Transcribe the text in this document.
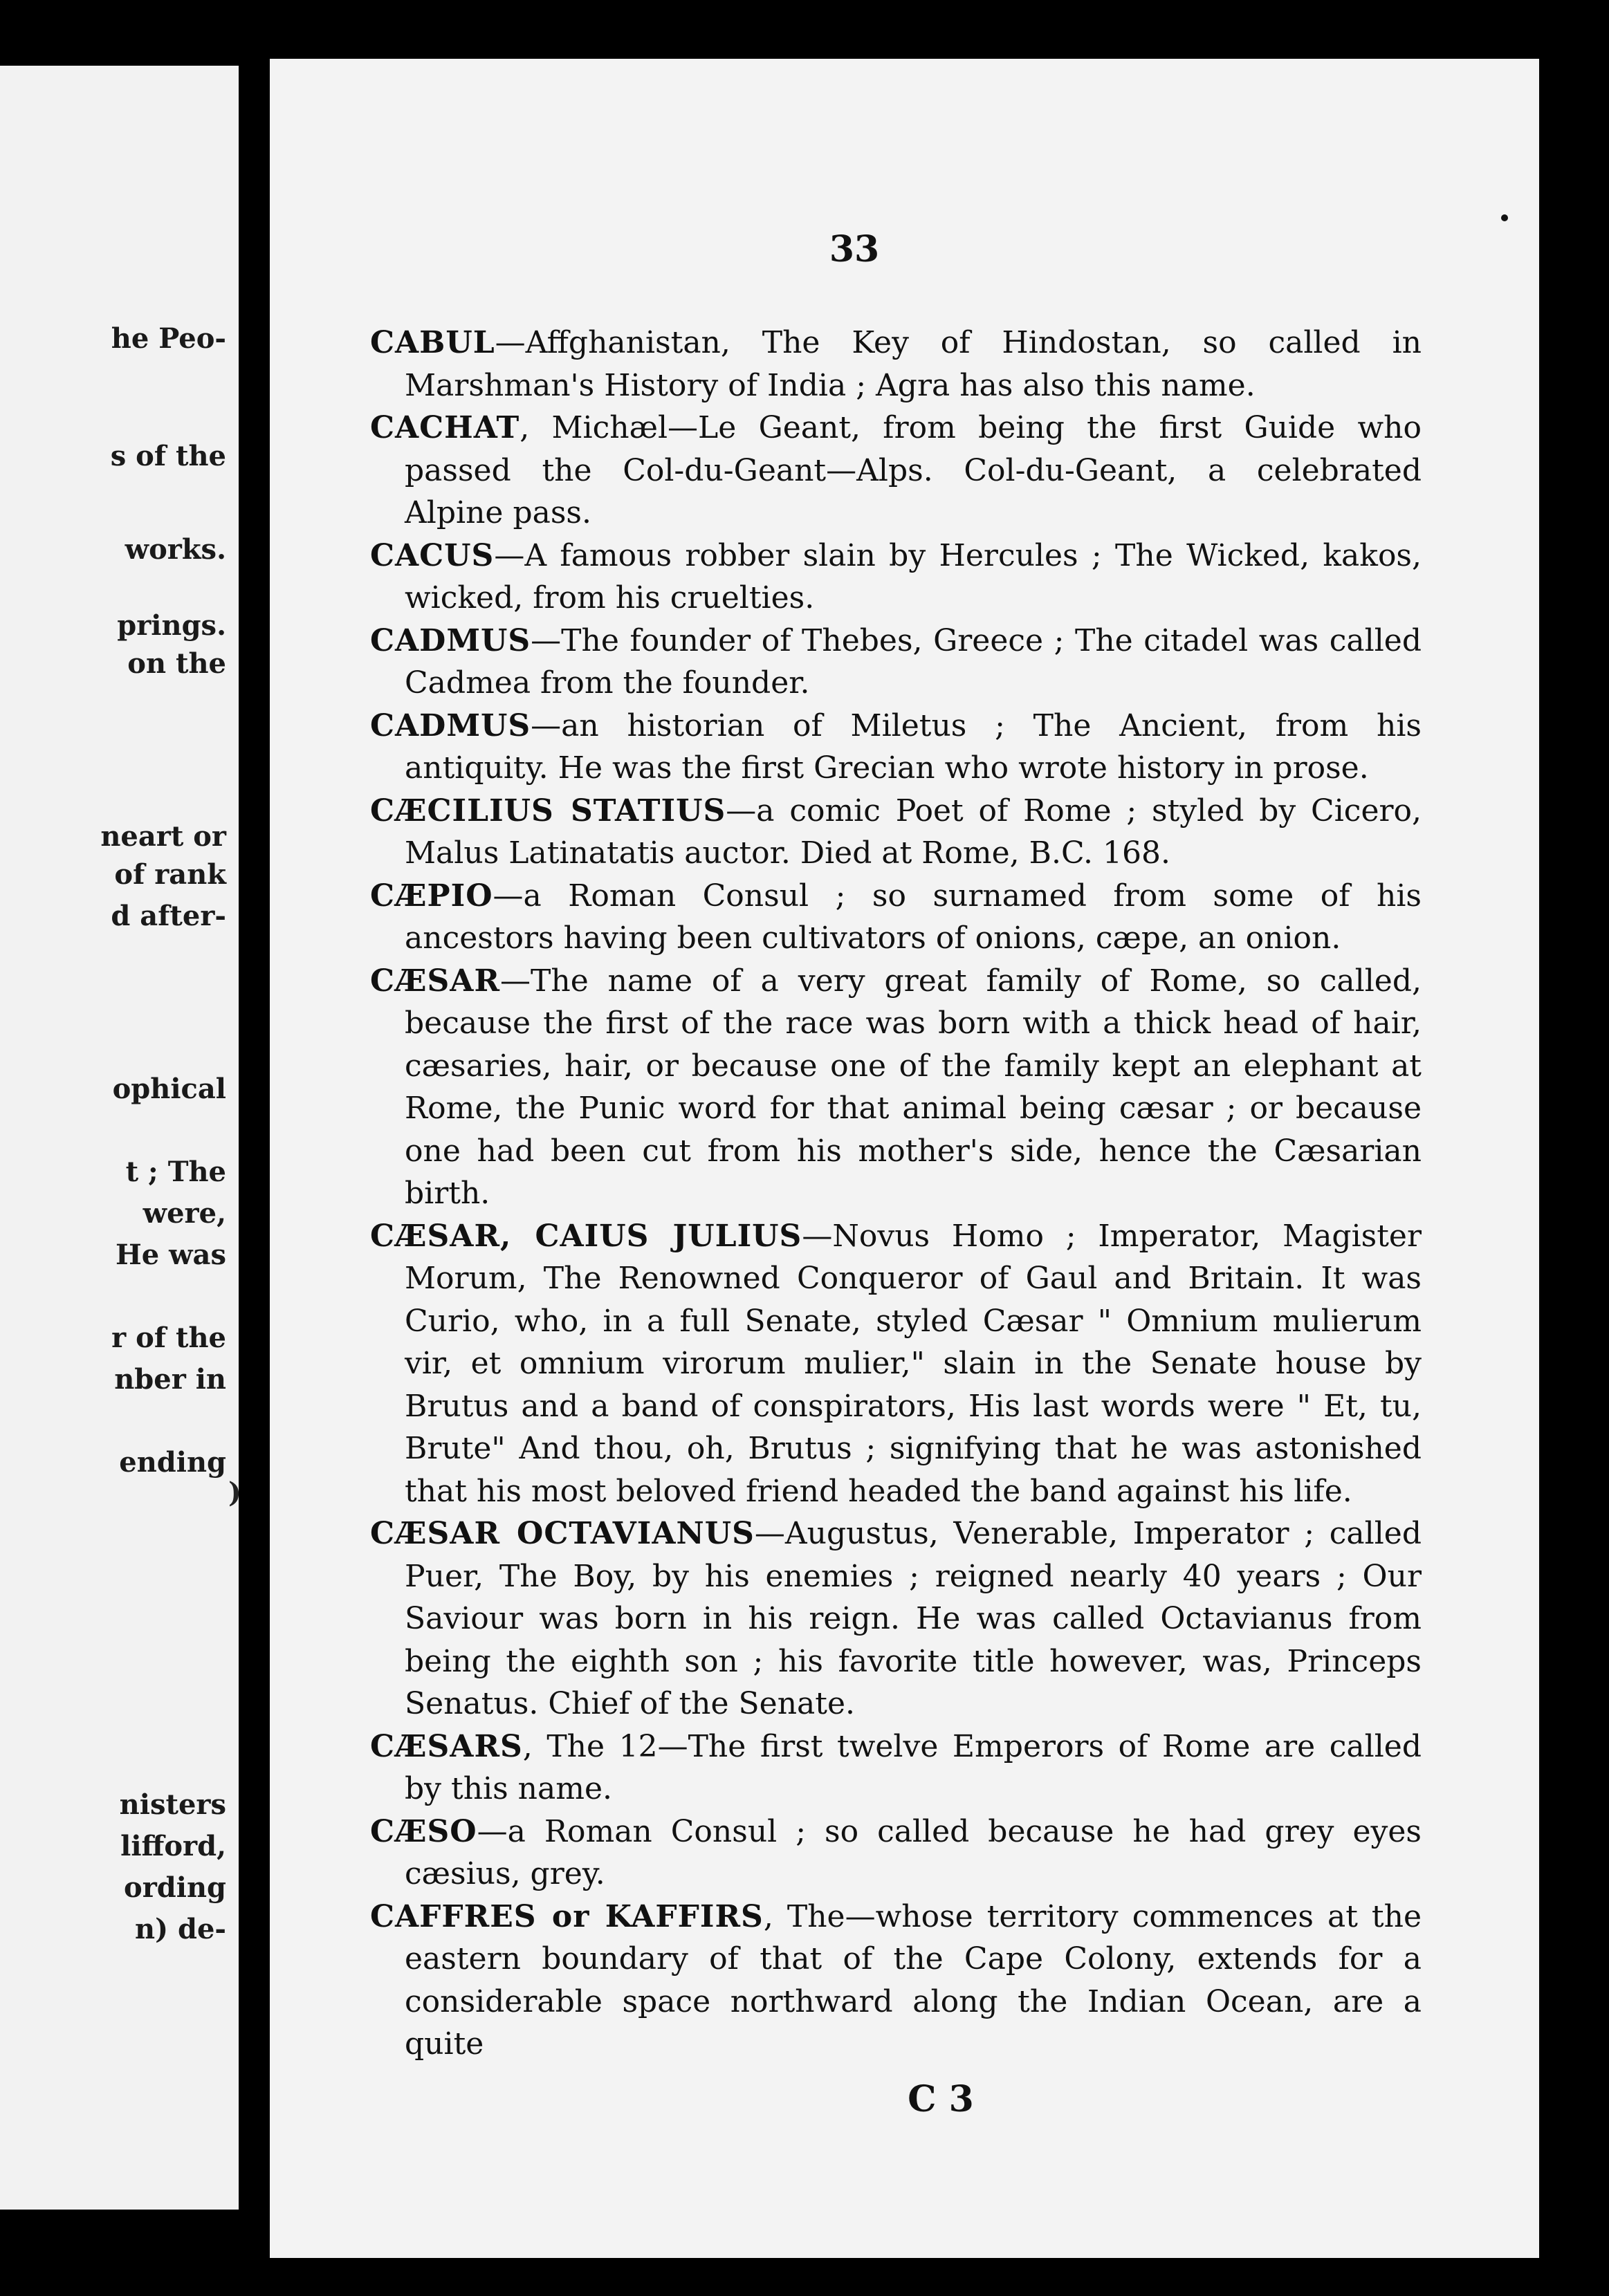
he Peo-

s of the

works.

prings.

on the

neart or

of rank

d after-

ophical

t ; The

were,

He was

r of the

nber in

ending

nisters

lifford,

ording

n) de-

)

33

CABUL—Affghanistan, The Key of Hindostan, so called in Marshman's History of India ; Agra has also this name.

CACHAT, Michæl—Le Geant, from being the first Guide who passed the Col-du-Geant—Alps. Col-du-Geant, a celebrated Alpine pass.

CACUS—A famous robber slain by Hercules ; The Wicked, kakos, wicked, from his cruelties.

CADMUS—The founder of Thebes, Greece ; The citadel was called Cadmea from the founder.

CADMUS—an historian of Miletus ; The Ancient, from his antiquity. He was the first Grecian who wrote history in prose.

CÆCILIUS STATIUS—a comic Poet of Rome ; styled by Cicero, Malus Latinatatis auctor. Died at Rome, B.C. 168.

CÆPIO—a Roman Consul ; so surnamed from some of his ancestors having been cultivators of onions, cæpe, an onion.

CÆSAR—The name of a very great family of Rome, so called, because the first of the race was born with a thick head of hair, cæsaries, hair, or because one of the family kept an elephant at Rome, the Punic word for that animal being cæsar ; or because one had been cut from his mother's side, hence the Cæsarian birth.

CÆSAR, CAIUS JULIUS—Novus Homo ; Imperator, Magister Morum, The Renowned Conqueror of Gaul and Britain. It was Curio, who, in a full Senate, styled Cæsar " Omnium mulierum vir, et omnium virorum mulier," slain in the Senate house by Brutus and a band of conspirators, His last words were " Et, tu, Brute" And thou, oh, Brutus ; signifying that he was astonished that his most beloved friend headed the band against his life.

CÆSAR OCTAVIANUS—Augustus, Venerable, Imperator ; called Puer, The Boy, by his enemies ; reigned nearly 40 years ; Our Saviour was born in his reign. He was called Octavianus from being the eighth son ; his favorite title however, was, Princeps Senatus. Chief of the Senate.

CÆSARS, The 12—The first twelve Emperors of Rome are called by this name.

CÆSO—a Roman Consul ; so called because he had grey eyes cæsius, grey.

CAFFRES or KAFFIRS, The—whose territory commences at the eastern boundary of that of the Cape Colony, extends for a considerable space northward along the Indian Ocean, are a quite

C 3
